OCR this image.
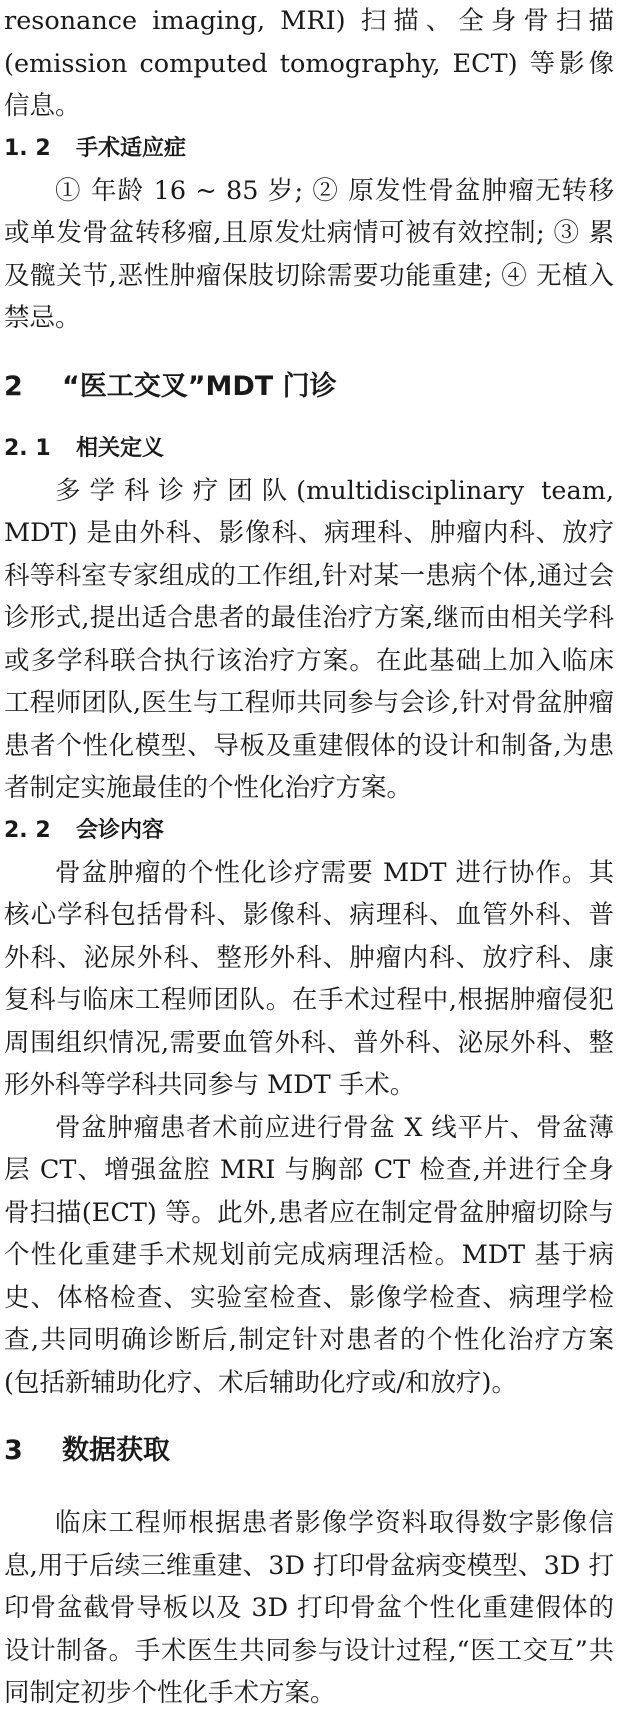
resonance imaging, MRI) 扫描、全身骨扫描(emission computed tomography, ECT) 等影像信息。

1. 2 手术适应症

① 年龄 16 ~ 85 岁; ② 原发性骨盆肿瘤无转移或单发骨盆转移瘤,且原发灶病情可被有效控制; ③ 累及髋关节,恶性肿瘤保肢切除需要功能重建; ④ 无植入禁忌。

2 “医工交叉”MDT 门诊
2. 1 相关定义

多学科诊疗团队(multidisciplinary team, MDT) 是由外科、影像科、病理科、肿瘤内科、放疗科等科室专家组成的工作组,针对某一患病个体,通过会诊形式,提出适合患者的最佳治疗方案,继而由相关学科或多学科联合执行该治疗方案。在此基础上加入临床工程师团队,医生与工程师共同参与会诊,针对骨盆肿瘤患者个性化模型、导板及重建假体的设计和制备,为患者制定实施最佳的个性化治疗方案。

2. 2 会诊内容

骨盆肿瘤的个性化诊疗需要 MDT 进行协作。其核心学科包括骨科、影像科、病理科、血管外科、普外科、泌尿外科、整形外科、肿瘤内科、放疗科、康复科与临床工程师团队。在手术过程中,根据肿瘤侵犯周围组织情况,需要血管外科、普外科、泌尿外科、整形外科等学科共同参与 MDT 手术。

骨盆肿瘤患者术前应进行骨盆 X 线平片、骨盆薄层 CT、增强盆腔 MRI 与胸部 CT 检查,并进行全身骨扫描(ECT) 等。此外,患者应在制定骨盆肿瘤切除与个性化重建手术规划前完成病理活检。MDT 基于病史、体格检查、实验室检查、影像学检查、病理学检查,共同明确诊断后,制定针对患者的个性化治疗方案(包括新辅助化疗、术后辅助化疗或/和放疗)。

3 数据获取

临床工程师根据患者影像学资料取得数字影像信息,用于后续三维重建、3D 打印骨盆病变模型、3D 打印骨盆截骨导板以及 3D 打印骨盆个性化重建假体的设计制备。手术医生共同参与设计过程,“医工交互”共同制定初步个性化手术方案。
